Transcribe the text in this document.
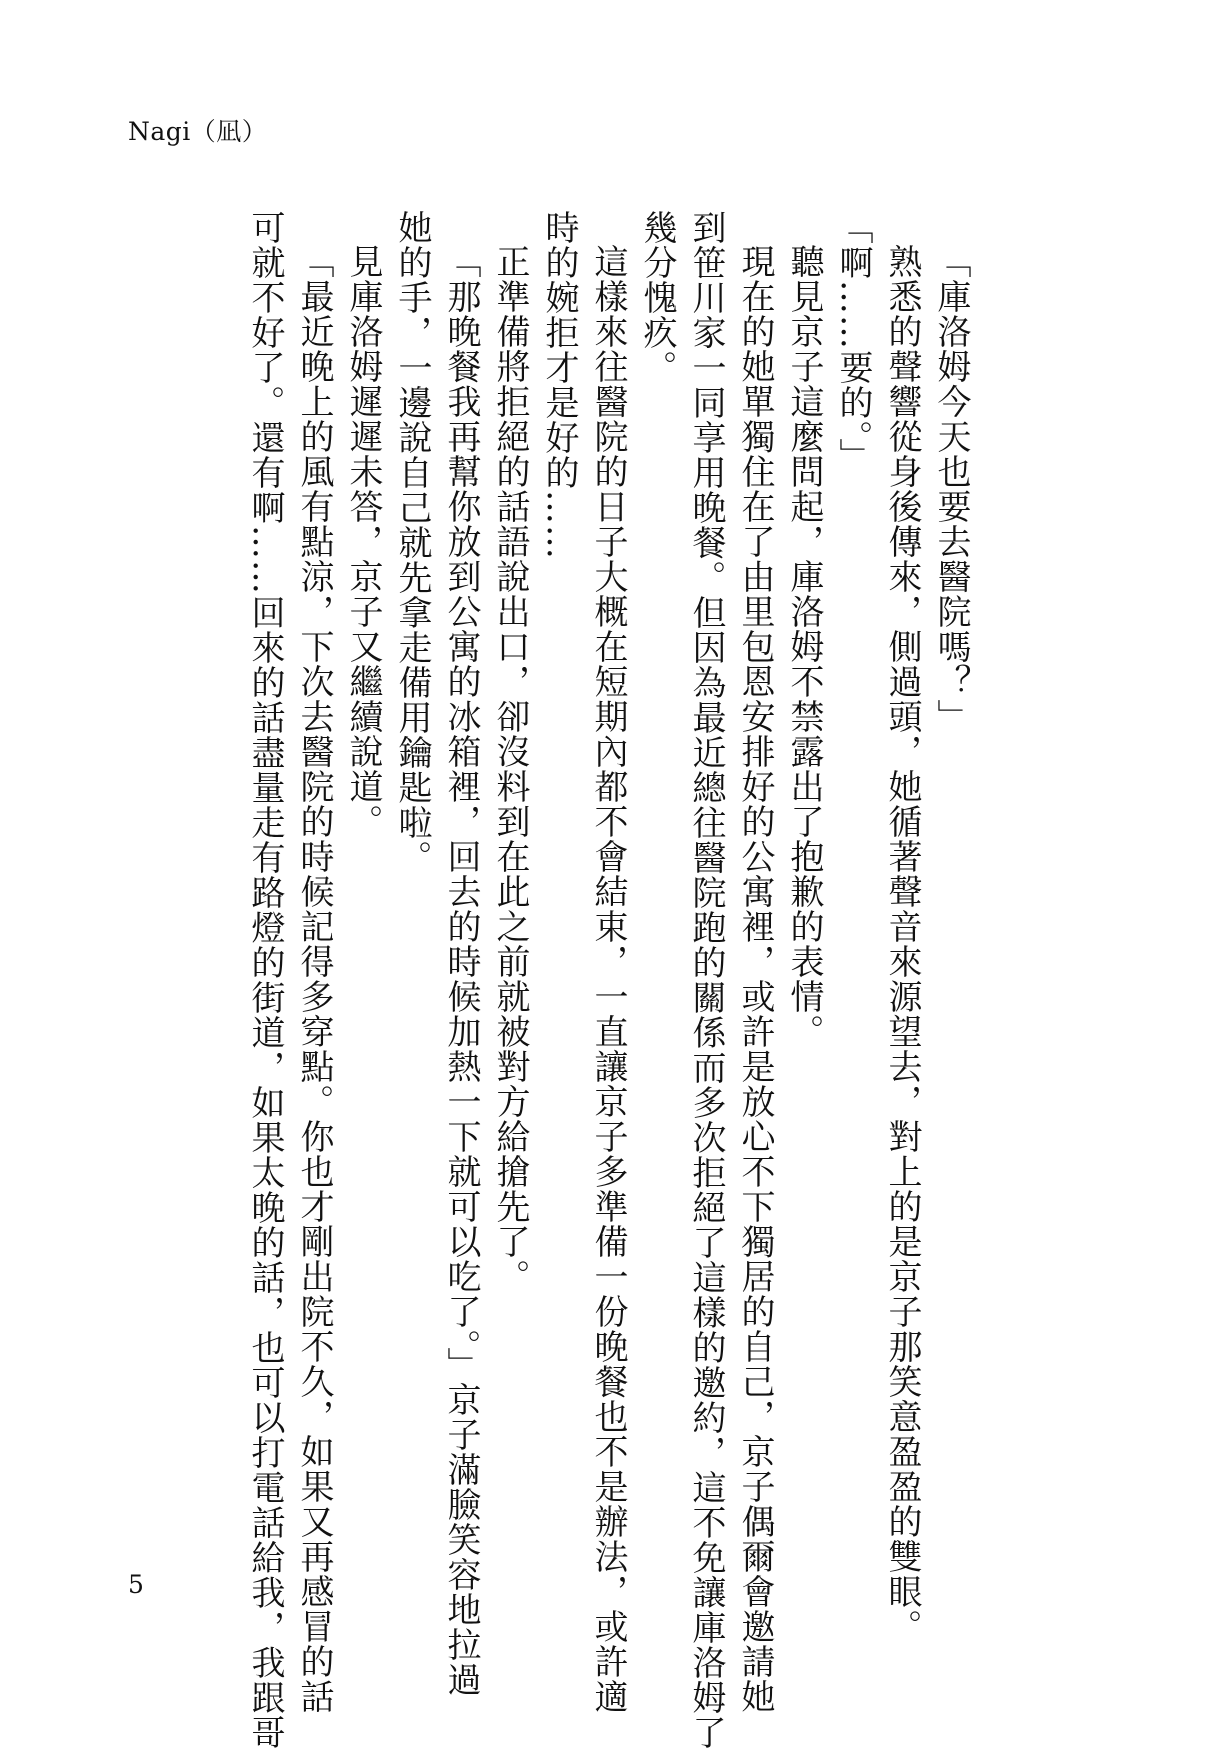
Nagi（凪）

「庫洛姆今天也要去醫院嗎？」

熟悉的聲響從身後傳來，側過頭，她循著聲音來源望去，對上的是京子那笑意盈盈的雙眼。

「啊……要的。」

聽見京子這麼問起，庫洛姆不禁露出了抱歉的表情。

現在的她單獨住在了由里包恩安排好的公寓裡，或許是放心不下獨居的自己，京子偶爾會邀請她

到笹川家一同享用晚餐。但因為最近總往醫院跑的關係而多次拒絕了這樣的邀約，這不免讓庫洛姆了

幾分愧疚。

這樣來往醫院的日子大概在短期內都不會結束，一直讓京子多準備一份晚餐也不是辦法，或許適

時的婉拒才是好的……

正準備將拒絕的話語說出口，卻沒料到在此之前就被對方給搶先了。

「那晚餐我再幫你放到公寓的冰箱裡，回去的時候加熱一下就可以吃了。」京子滿臉笑容地拉過

她的手，一邊說自己就先拿走備用鑰匙啦。

見庫洛姆遲遲未答，京子又繼續說道。

「最近晚上的風有點涼，下次去醫院的時候記得多穿點。你也才剛出院不久，如果又再感冒的話

可就不好了。還有啊……回來的話盡量走有路燈的街道，如果太晚的話，也可以打電話給我，我跟哥

5
